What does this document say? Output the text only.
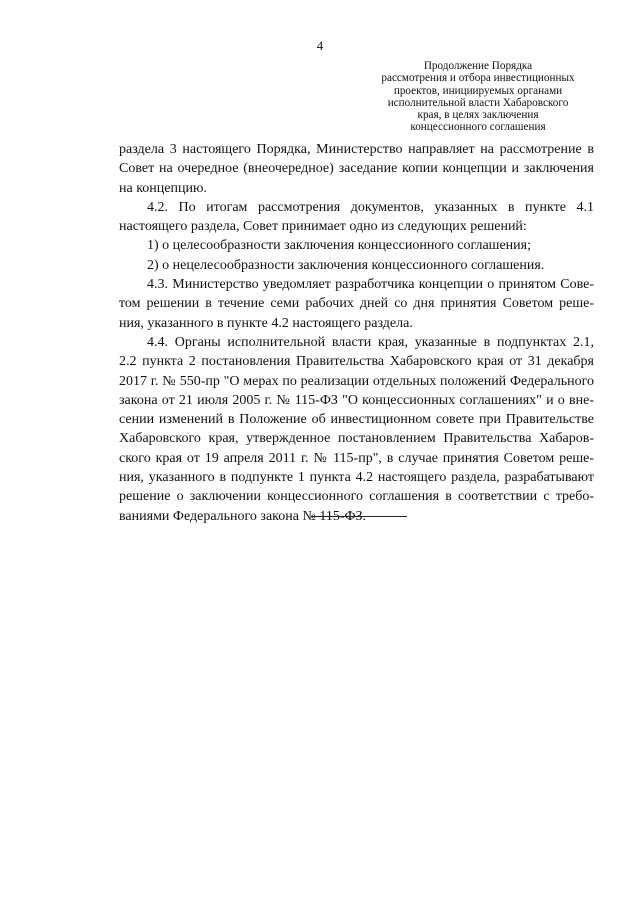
4
Продолжение Порядка
рассмотрения и отбора инвестиционных
проектов, инициируемых органами
исполнительной власти Хабаровского
края, в целях заключения
концессионного соглашения
раздела 3 настоящего Порядка, Министерство направляет на рассмотрение в
Совет на очередное (внеочередное) заседание копии концепции и заключения
на концепцию.
4.2. По итогам рассмотрения документов, указанных в пункте 4.1
настоящего раздела, Совет принимает одно из следующих решений:
1) о целесообразности заключения концессионного соглашения;
2) о нецелесообразности заключения концессионного соглашения.
4.3. Министерство уведомляет разработчика концепции о принятом Сове-
том решении в течение семи рабочих дней со дня принятия Советом реше-
ния, указанного в пункте 4.2 настоящего раздела.
4.4. Органы исполнительной власти края, указанные в подпунктах 2.1,
2.2 пункта 2 постановления Правительства Хабаровского края от 31 декабря
2017 г. № 550-пр "О мерах по реализации отдельных положений Федерального
закона от 21 июля 2005 г. № 115-ФЗ "О концессионных соглашениях" и о вне-
сении изменений в Положение об инвестиционном совете при Правительстве
Хабаровского края, утвержденное постановлением Правительства Хабаров-
ского края от 19 апреля 2011 г. № 115-пр", в случае принятия Советом реше-
ния, указанного в подпункте 1 пункта 4.2 настоящего раздела, разрабатывают
решение о заключении концессионного соглашения в соответствии с требо-
ваниями Федерального закона № 115-ФЗ.
